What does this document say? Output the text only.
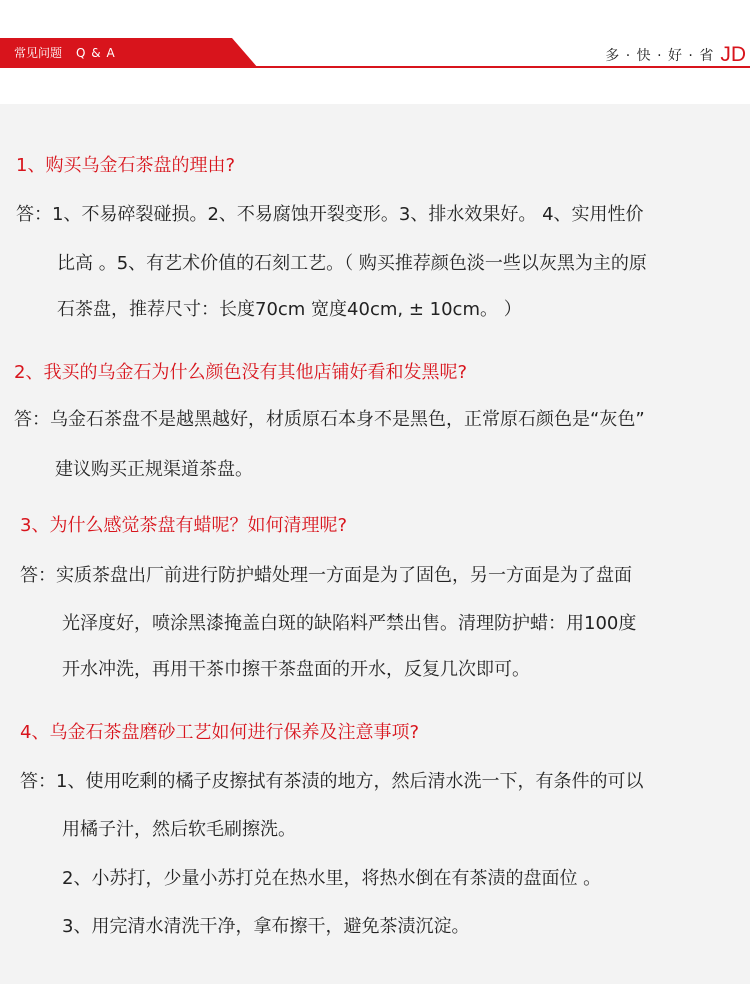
常见问题 Q & A	多 · 快 · 好 · 省 JD
1、购买乌金石茶盘的理由?
答：1、不易碎裂碰损。2、不易腐蚀开裂变形。3、排水效果好。 4、实用性价
比高 。5、有艺术价值的石刻工艺。（ 购买推荐颜色淡一些以灰黑为主的原
石茶盘，推荐尺寸：长度70cm 宽度40cm, ± 10cm。 ）
2、我买的乌金石为什么颜色没有其他店铺好看和发黑呢?
答：乌金石茶盘不是越黑越好，材质原石本身不是黑色，正常原石颜色是“灰色”
建议购买正规渠道茶盘。
3、为什么感觉茶盘有蜡呢？如何清理呢?
答：实质茶盘出厂前进行防护蜡处理一方面是为了固色，另一方面是为了盘面
光泽度好，喷涂黑漆掩盖白斑的缺陷料严禁出售。清理防护蜡：用100度
开水冲洗，再用干茶巾擦干茶盘面的开水，反复几次即可。
4、乌金石茶盘磨砂工艺如何进行保养及注意事项?
答：1、使用吃剩的橘子皮擦拭有茶渍的地方，然后清水洗一下，有条件的可以
用橘子汁，然后软毛刷擦洗。
2、小苏打，少量小苏打兑在热水里，将热水倒在有茶渍的盘面位 。
3、用完清水清洗干净，拿布擦干，避免茶渍沉淀。
